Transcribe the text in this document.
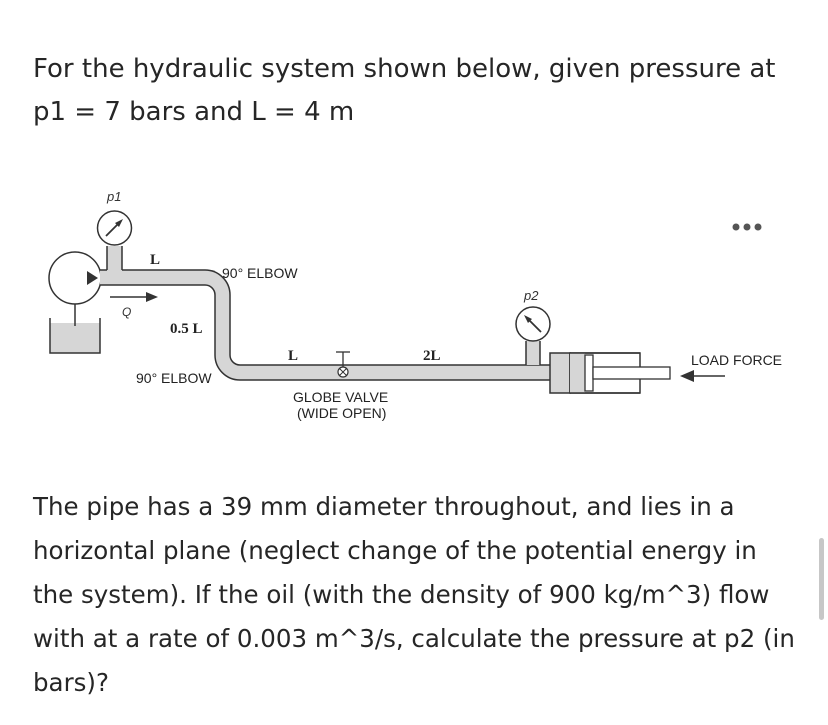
For the hydraulic system shown below, given pressure at p1 = 7 bars and L = 4 m

p1
p2
Q
L
0.5 L
L	2L
90° ELBOW
90° ELBOW
GLOBE VALVE
(WIDE OPEN)
LOAD FORCE

The pipe has a 39 mm diameter throughout, and lies in a horizontal plane (neglect change of the potential energy in the system). If the oil (with the density of 900 kg/m^3) flow with at a rate of 0.003 m^3/s, calculate the pressure at p2 (in bars)?
